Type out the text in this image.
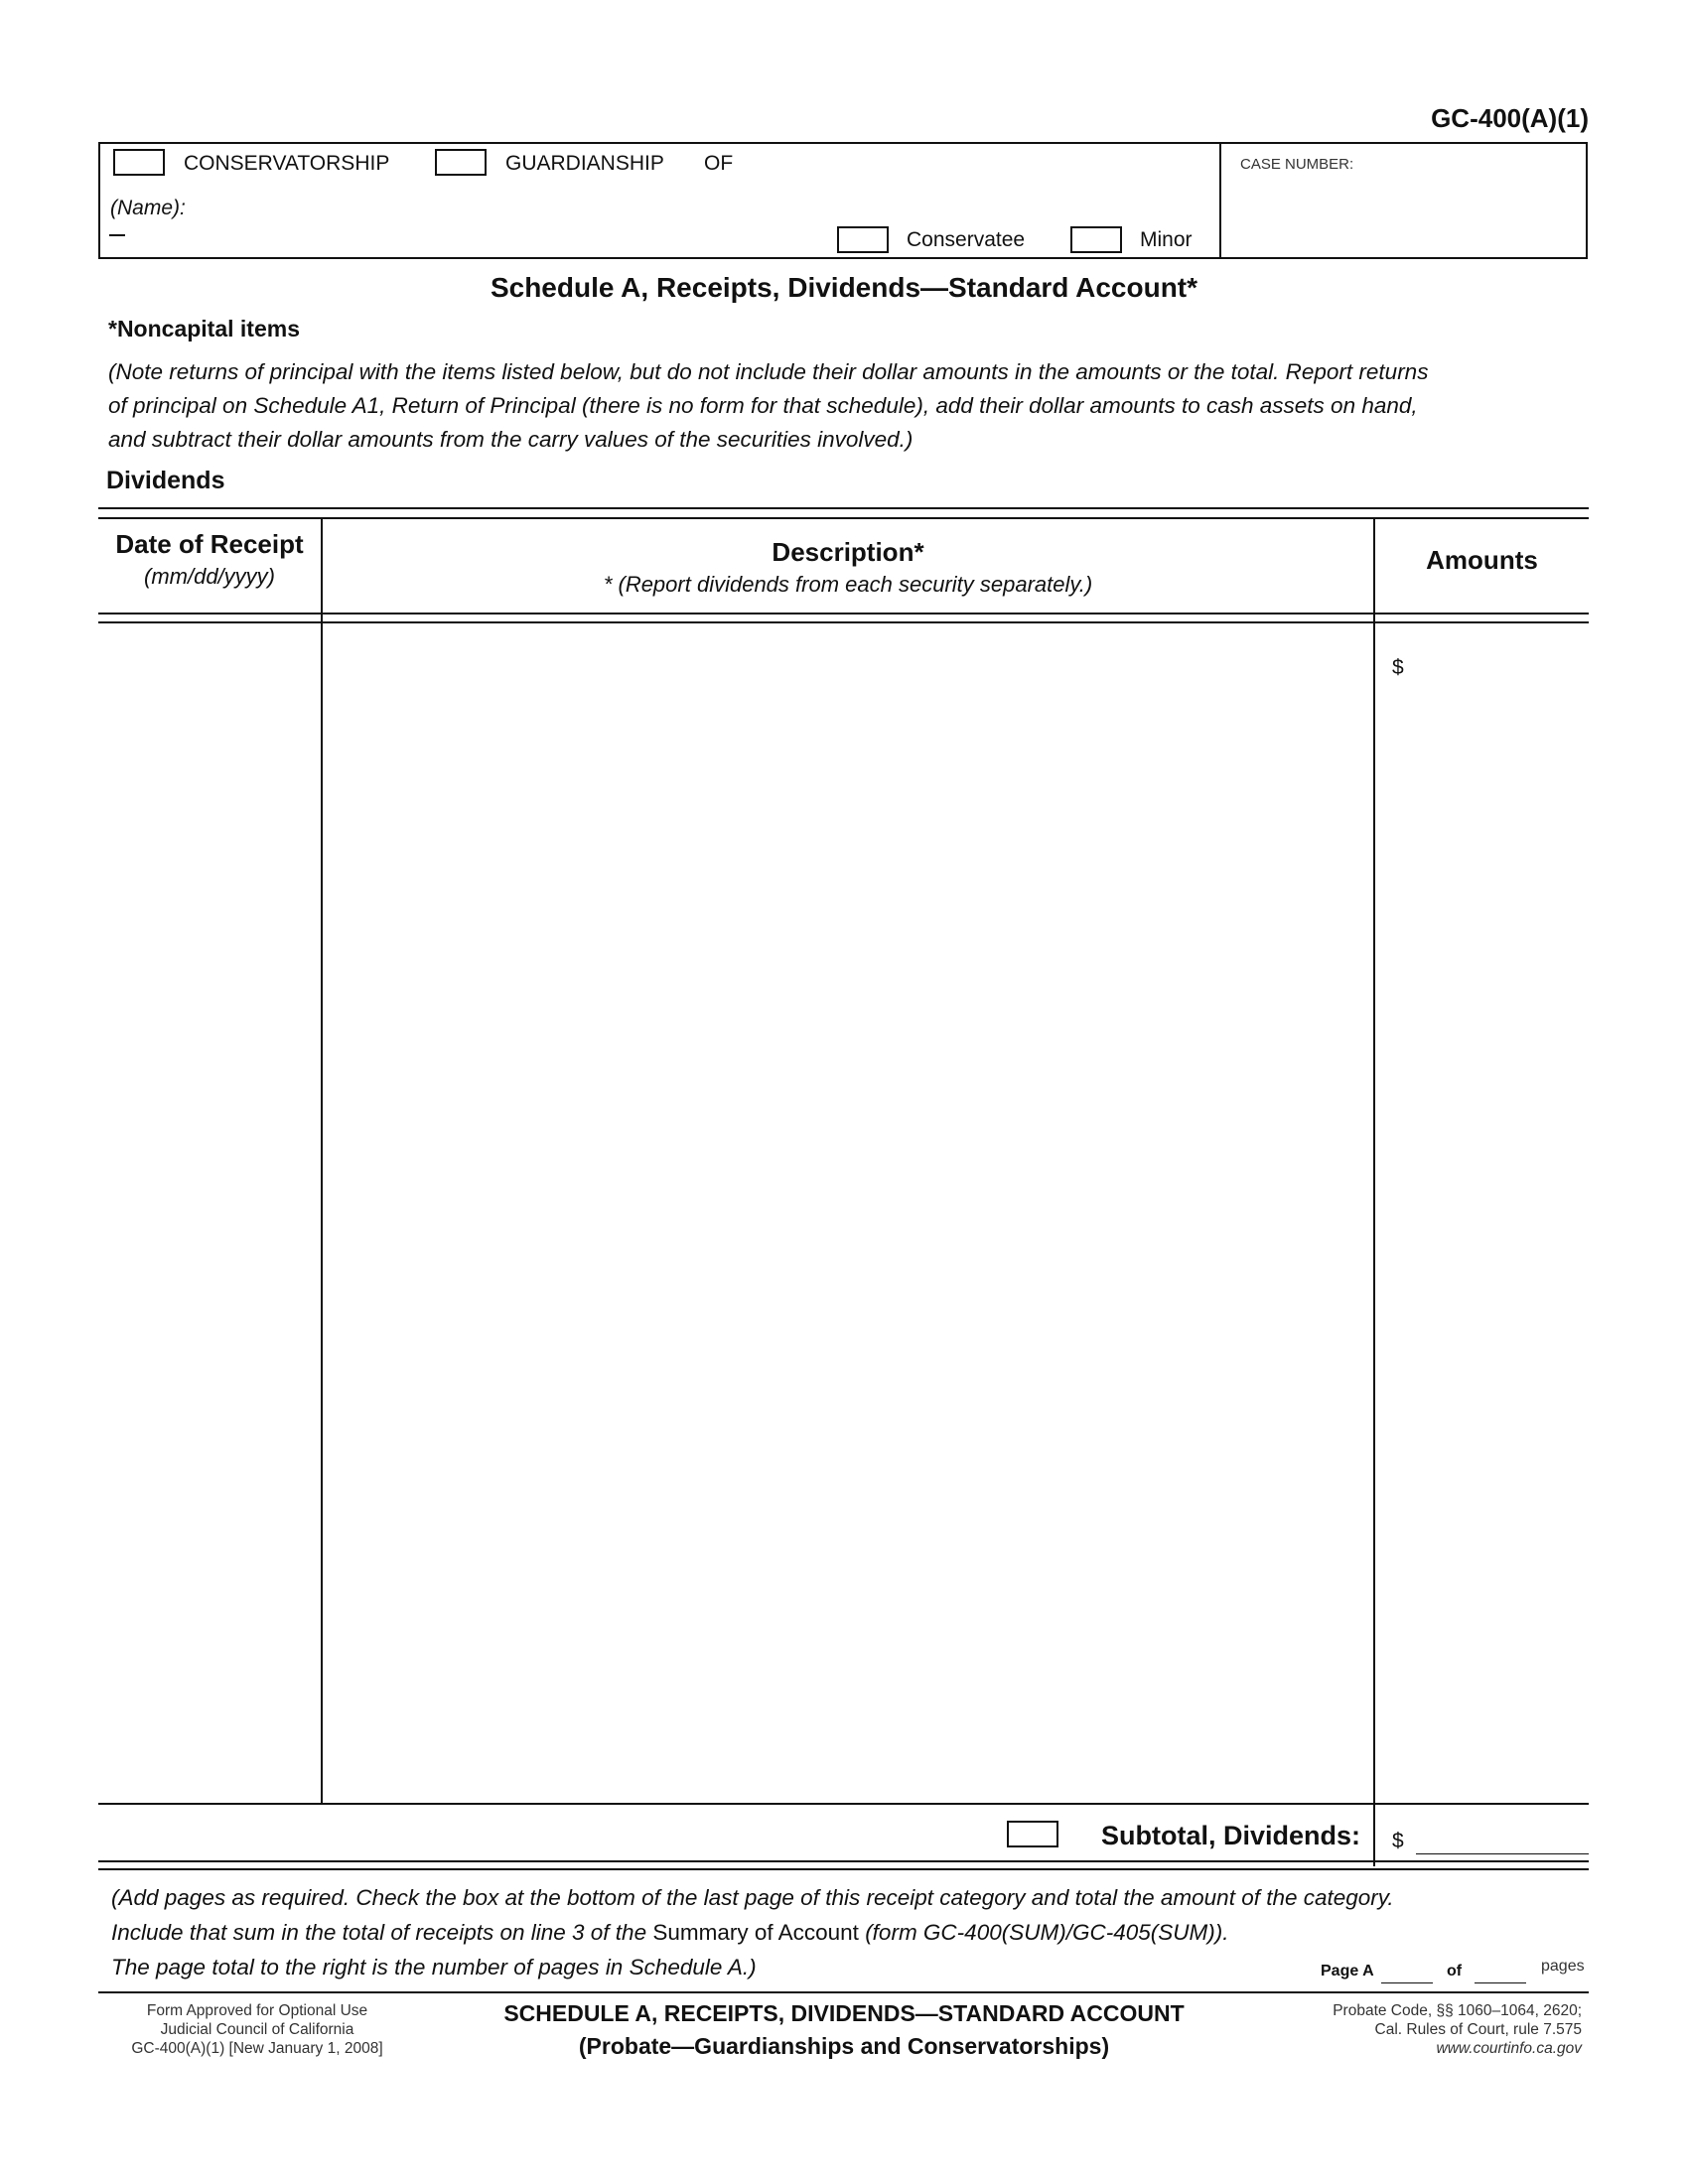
GC-400(A)(1)
CONSERVATORSHIP	GUARDIANSHIP OF
(Name):
Conservatee	Minor
CASE NUMBER:
Schedule A, Receipts, Dividends—Standard Account*
*Noncapital items

(Note returns of principal with the items listed below, but do not include their dollar amounts in the amounts or the total. Report returns

of principal on Schedule A1, Return of Principal (there is no form for that schedule), add their dollar amounts to cash assets on hand,

and subtract their dollar amounts from the carry values of the securities involved.)

Dividends
Date of Receipt
(mm/dd/yyyy)
Description*
* (Report dividends from each security separately.)
Amounts
$
Subtotal, Dividends: $

(Add pages as required. Check the box at the bottom of the last page of this receipt category and total the amount of the category.

Include that sum in the total of receipts on line 3 of the Summary of Account (form GC-400(SUM)/GC-405(SUM)).

The page total to the right is the number of pages in Schedule A.)	Page A	of	pages
Form Approved for Optional Use
Judicial Council of California
GC-400(A)(1) [New January 1, 2008]
SCHEDULE A, RECEIPTS, DIVIDENDS—STANDARD ACCOUNT
(Probate—Guardianships and Conservatorships)
Probate Code, §§ 1060–1064, 2620;
Cal. Rules of Court, rule 7.575
www.courtinfo.ca.gov
